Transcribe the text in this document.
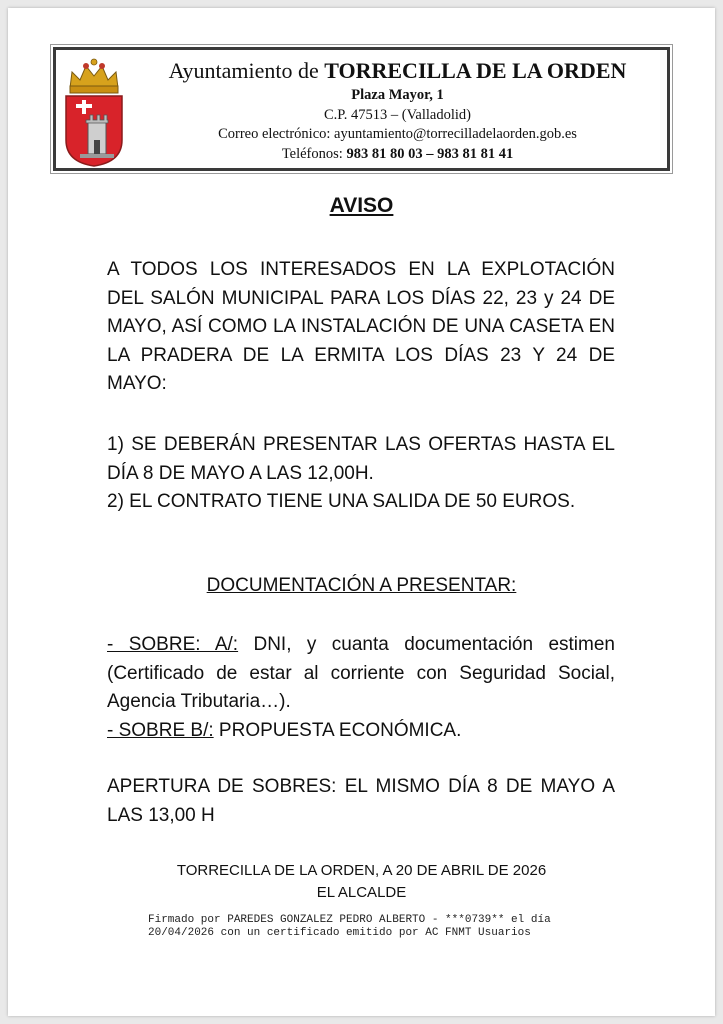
Ayuntamiento de TORRECILLA DE LA ORDEN
Plaza Mayor, 1
C.P. 47513 – (Valladolid)
Correo electrónico: ayuntamiento@torrecilladelaorden.gob.es
Teléfonos: 983 81 80 03 – 983 81 81 41
AVISO

A TODOS LOS INTERESADOS EN LA EXPLOTACIÓN DEL SALÓN MUNICIPAL PARA LOS DÍAS 22, 23 y 24 DE MAYO, ASÍ COMO LA INSTALACIÓN DE UNA CASETA EN LA PRADERA DE LA ERMITA LOS DÍAS 23 Y 24 DE MAYO:

1) SE DEBERÁN PRESENTAR LAS OFERTAS HASTA EL DÍA 8 DE MAYO A LAS 12,00H.

2) EL CONTRATO TIENE UNA SALIDA DE 50 EUROS.

DOCUMENTACIÓN A PRESENTAR:

- SOBRE: A/: DNI, y cuanta documentación estimen (Certificado de estar al corriente con Seguridad Social, Agencia Tributaria…).

- SOBRE B/: PROPUESTA ECONÓMICA.

APERTURA DE SOBRES: EL MISMO DÍA 8 DE MAYO A LAS 13,00 H

TORRECILLA DE LA ORDEN, A 20 DE ABRIL DE 2026
EL ALCALDE
Firmado por PAREDES GONZALEZ PEDRO ALBERTO - ***0739** el día
20/04/2026 con un certificado emitido por AC FNMT Usuarios
